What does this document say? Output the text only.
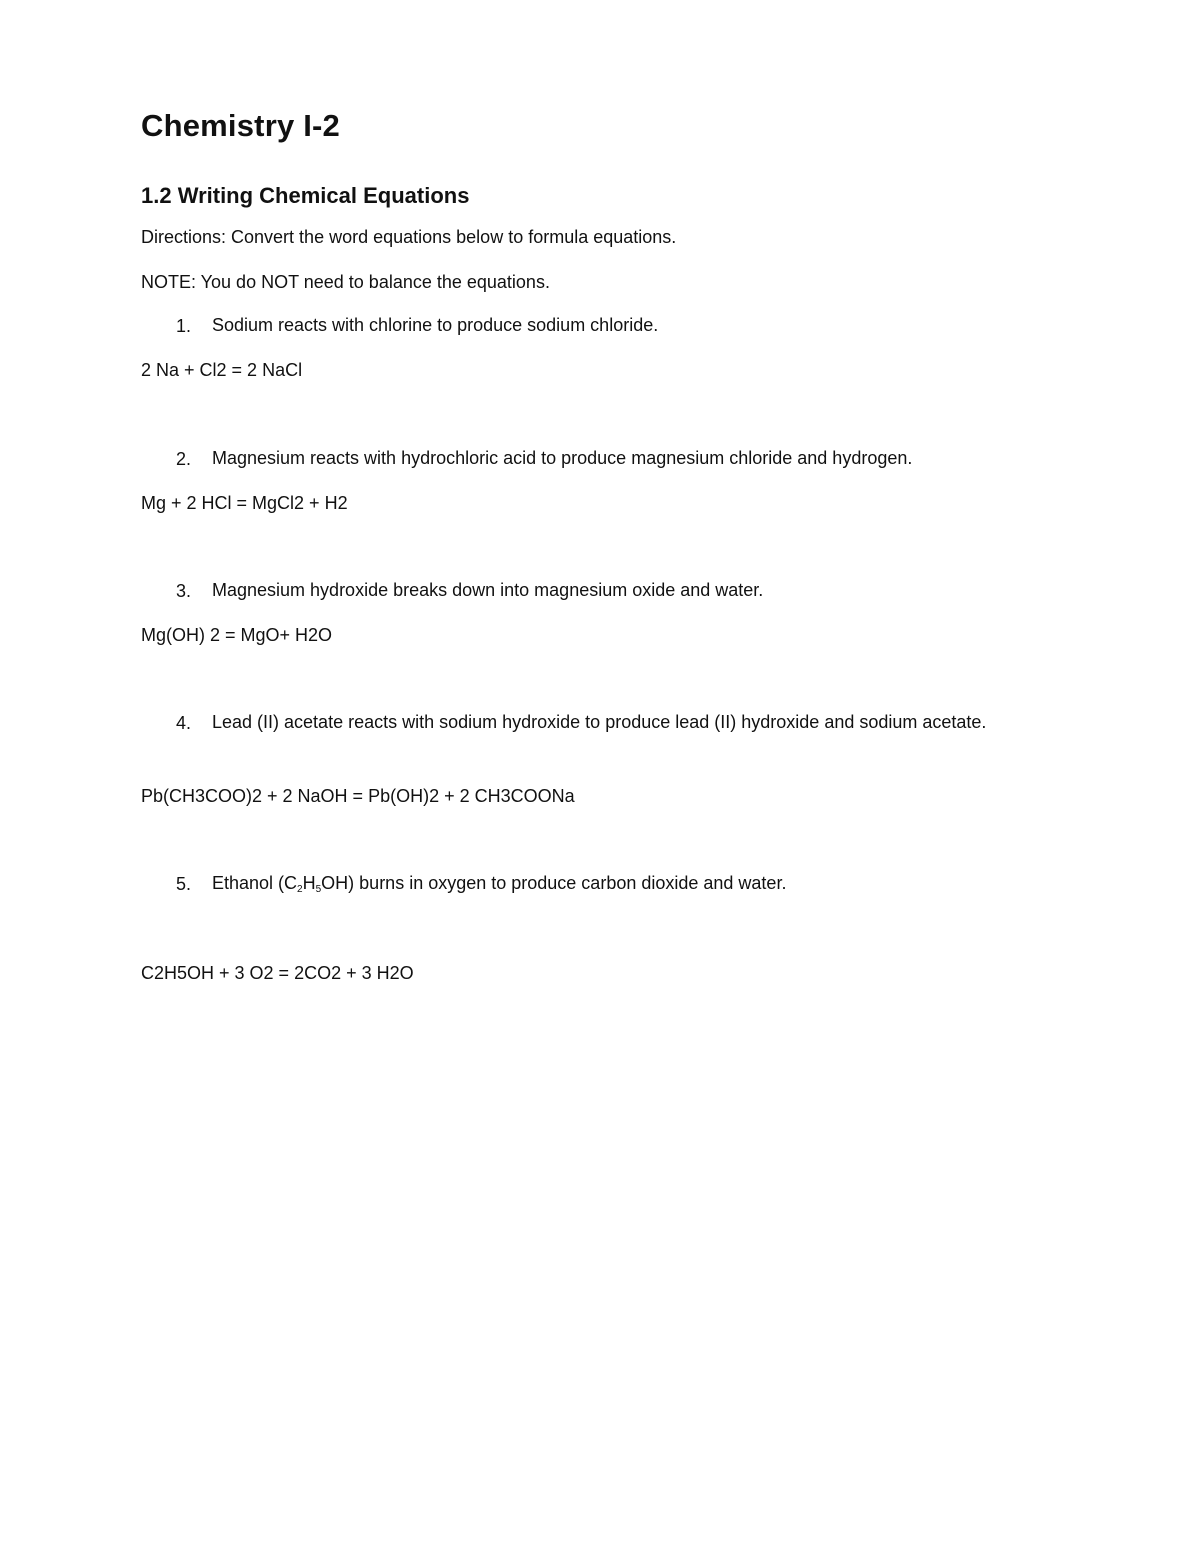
Chemistry I-2
1.2 Writing Chemical Equations

Directions: Convert the word equations below to formula equations.

NOTE: You do NOT need to balance the equations.

1. Sodium reacts with chlorine to produce sodium chloride.
2 Na + Cl2 = 2 NaCl
2. Magnesium reacts with hydrochloric acid to produce magnesium chloride and hydrogen.
Mg + 2 HCl = MgCl2 + H2
3. Magnesium hydroxide breaks down into magnesium oxide and water.
Mg(OH) 2 = MgO+ H2O
4. Lead (II) acetate reacts with sodium hydroxide to produce lead (II) hydroxide and sodium acetate.
Pb(CH3COO)2 + 2 NaOH = Pb(OH)2 + 2 CH3COONa
5. Ethanol $(C_2H_5OH)$ burns in oxygen to produce carbon dioxide and water.
C2H5OH + 3 O2 = 2CO2 + 3 H2O
